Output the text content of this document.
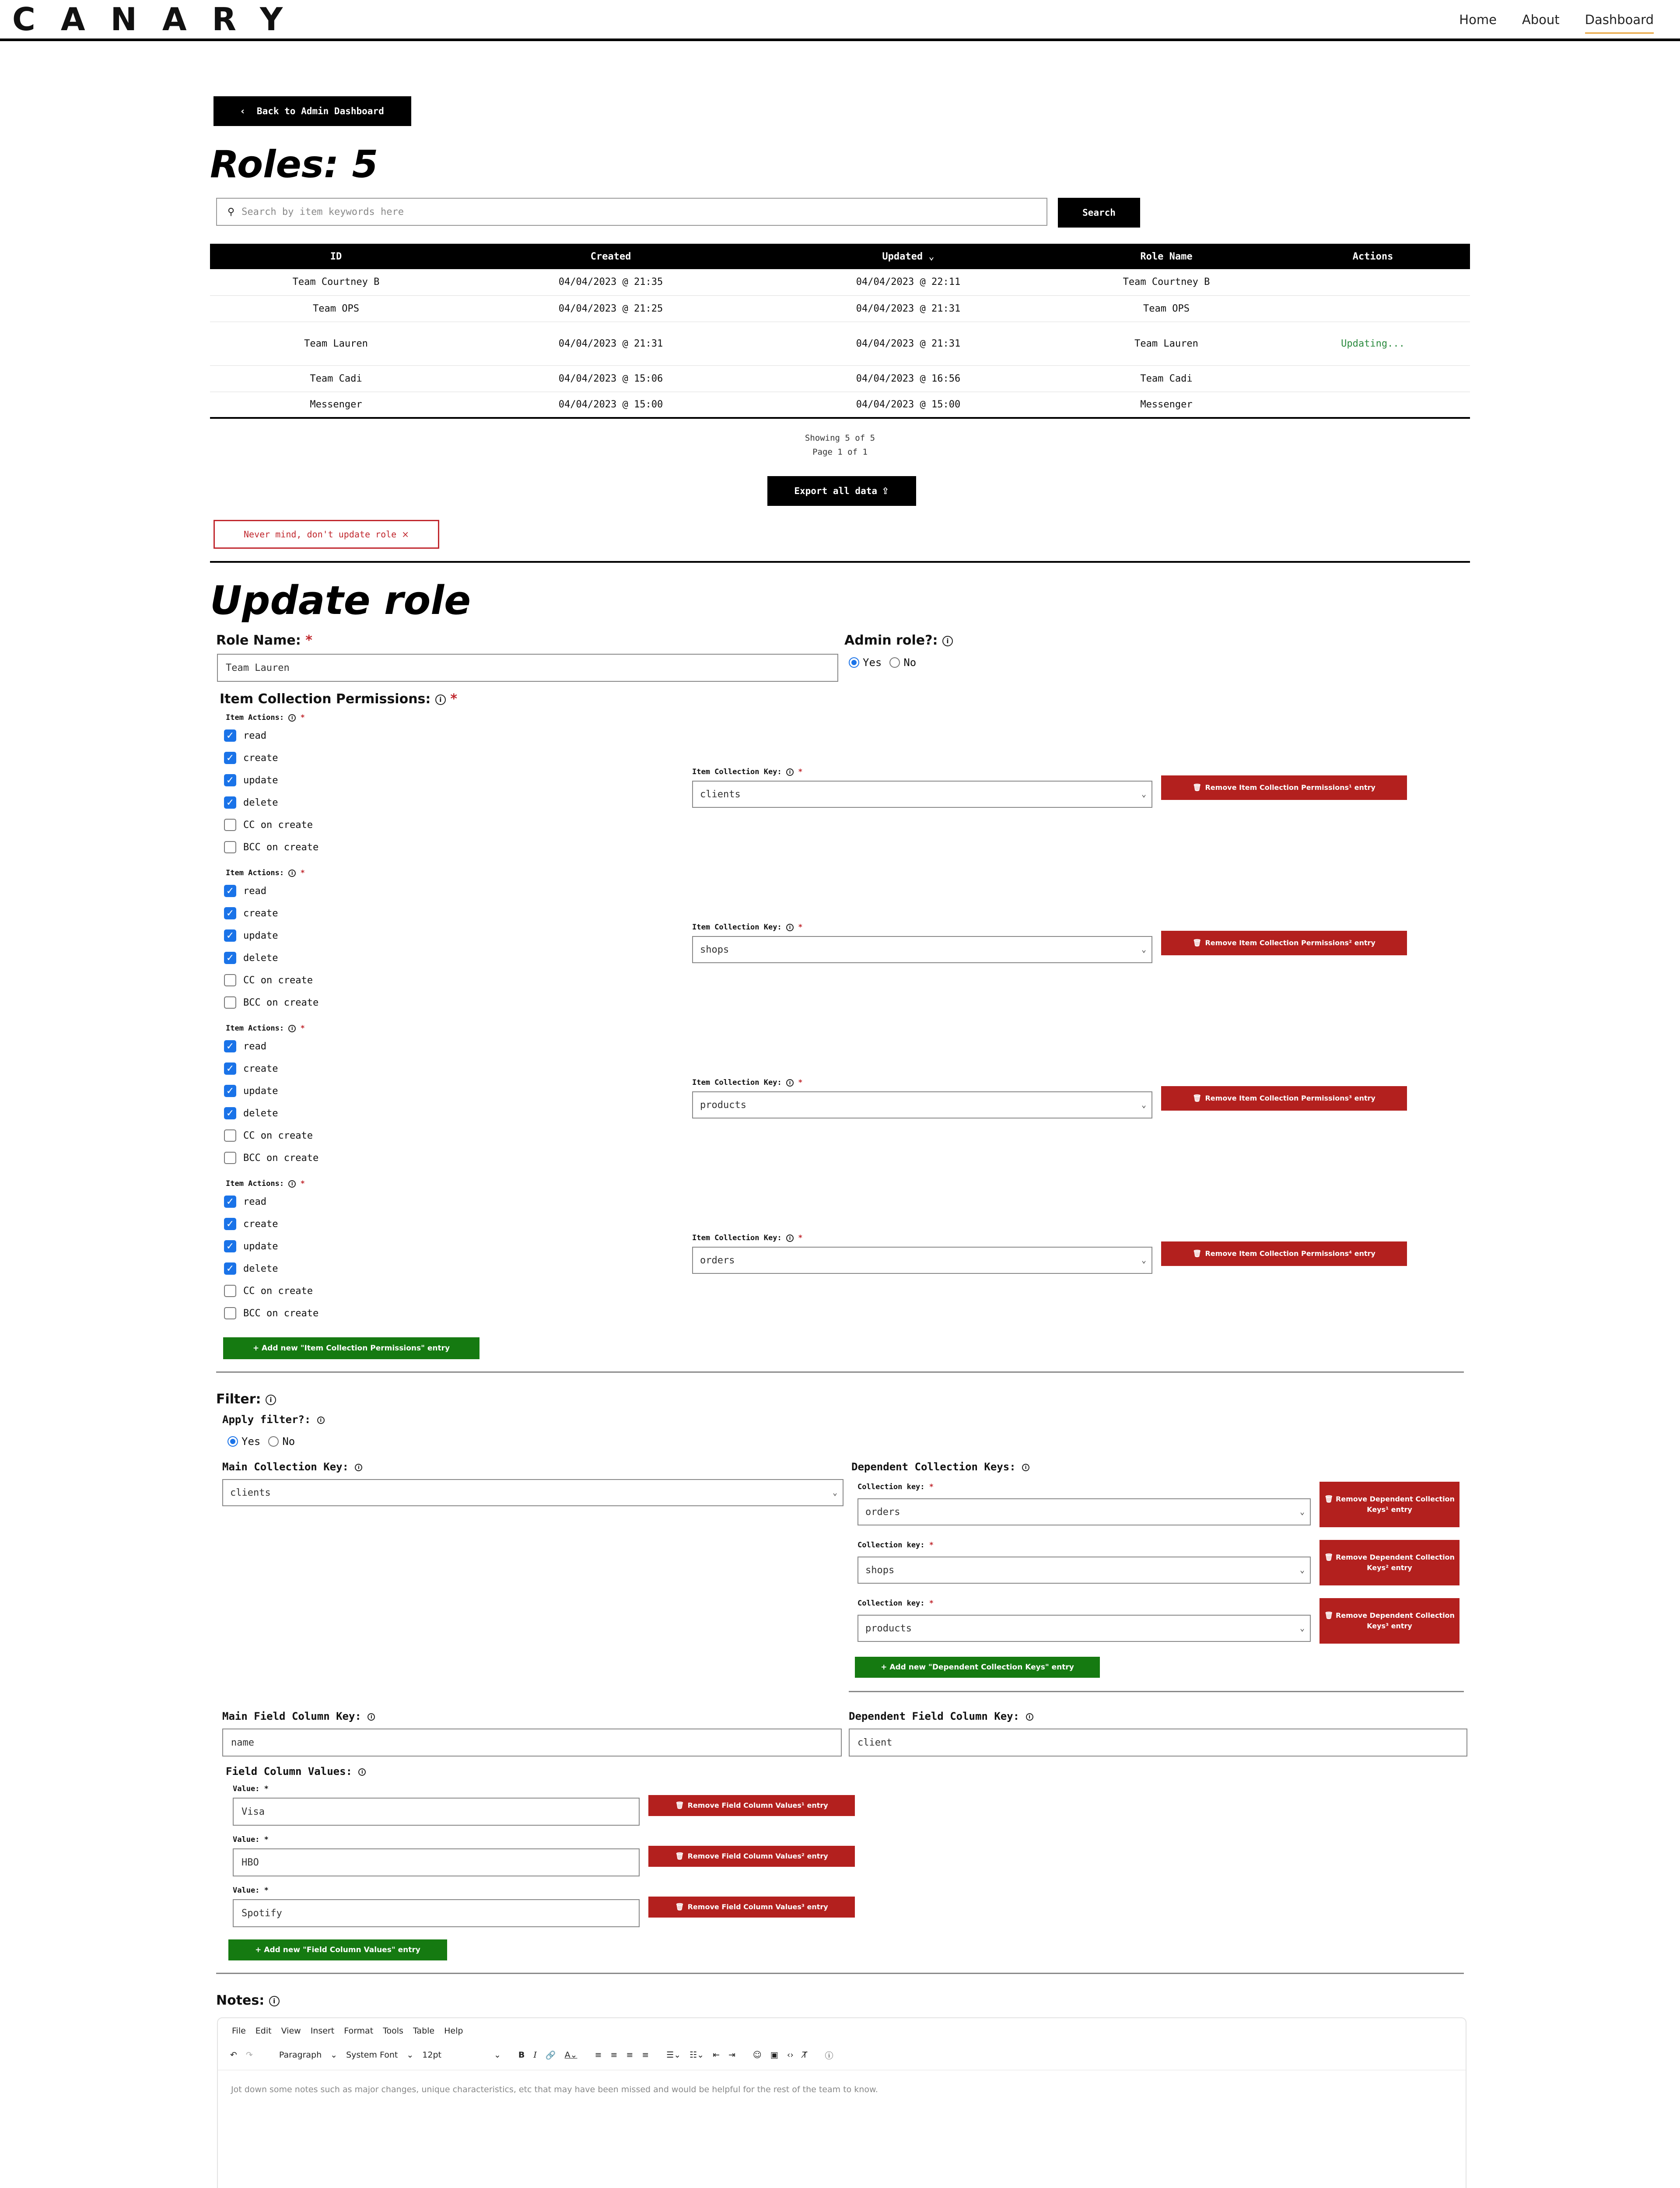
CANARY	Home About Dashboard
‹ Back to Admin Dashboard
Roles: 5
⚲ Search by item keywords here	Search
ID	Created	Updated ⌄	Role Name	Actions
Team Courtney B	04/04/2023 @ 21:35	04/04/2023 @ 22:11	Team Courtney B	
Team OPS	04/04/2023 @ 21:25	04/04/2023 @ 21:31	Team OPS	
Team Lauren	04/04/2023 @ 21:31	04/04/2023 @ 21:31	Team Lauren	Updating...
Team Cadi	04/04/2023 @ 15:06	04/04/2023 @ 16:56	Team Cadi	
Messenger	04/04/2023 @ 15:00	04/04/2023 @ 15:00	Messenger	
Showing 5 of 5
Page 1 of 1
Export all data ⇪
Never mind, don't update role ×
Update role
Role Name: *
Team Lauren
Admin role?: i
Yes No
Item Collection Permissions: i *
Item Actions: i *
✓ read
✓ create
✓ update
✓ delete
CC on create
BCC on create
Item Collection Key: i *
clients	⌄
🗑 Remove Item Collection Permissions¹ entry
Item Actions: i *
✓ read
✓ create
✓ update
✓ delete
CC on create
BCC on create
Item Collection Key: i *
shops	⌄
🗑 Remove Item Collection Permissions² entry
Item Actions: i *
✓ read
✓ create
✓ update
✓ delete
CC on create
BCC on create
Item Collection Key: i *
products	⌄
🗑 Remove Item Collection Permissions³ entry
Item Actions: i *
✓ read
✓ create
✓ update
✓ delete
CC on create
BCC on create
Item Collection Key: i *
orders	⌄
🗑 Remove Item Collection Permissions⁴ entry
+ Add new "Item Collection Permissions" entry
Filter: i
Apply filter?: i
Yes No
Main Collection Key: i
clients	⌄
Dependent Collection Keys: i
Collection key: *
orders	⌄
🗑 Remove Dependent Collection Keys¹ entry
Collection key: *
shops	⌄
🗑 Remove Dependent Collection Keys² entry
Collection key: *
products	⌄
🗑 Remove Dependent Collection Keys³ entry
+ Add new "Dependent Collection Keys" entry
Main Field Column Key: i
name
Dependent Field Column Key: i
client
Field Column Values: i
Value: *
Visa
🗑 Remove Field Column Values¹ entry
Value: *
HBO
🗑 Remove Field Column Values² entry
Value: *
Spotify
🗑 Remove Field Column Values³ entry
+ Add new "Field Column Values" entry
Notes: i
File Edit View Insert Format Tools Table Help
↶ ↷	Paragraph ⌄ System Font ⌄ 12pt	⌄ B I 🔗 A⌄ ≡ ≡ ≡ ≡ ☰⌄ ☷⌄ ⇤ ⇥ ☺ ▣ ‹› T̸ ⓘ
Jot down some notes such as major changes, unique characteristics, etc that may have been missed and would be helpful for the rest of the team to know.
